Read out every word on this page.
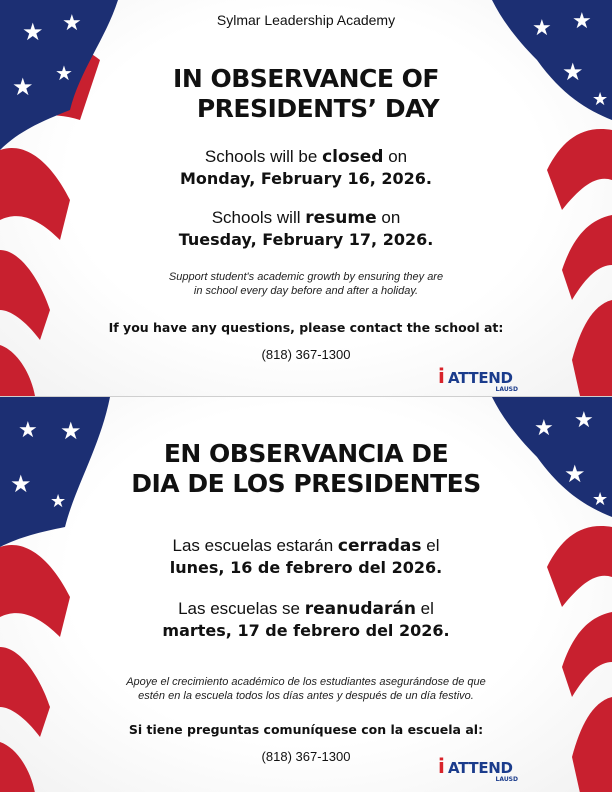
★ ★
★ ★
★ ★
★
★
Sylmar Leadership Academy
IN OBSERVANCE OF
PRESIDENTS’ DAY
Schools will be closed on
Monday, February 16, 2026.
Schools will resume on
Tuesday, February 17, 2026.
Support student's academic growth by ensuring they are
in school every day before and after a holiday.
If you have any questions, please contact the school at:
(818) 367-1300
i ATTEND
LAUSD
★ ★
★
★
★ ★
★
★
EN OBSERVANCIA DE
DIA DE LOS PRESIDENTES
Las escuelas estarán cerradas el
lunes, 16 de febrero del 2026.
Las escuelas se reanudarán el
martes, 17 de febrero del 2026.
Apoye el crecimiento académico de los estudiantes asegurándose de que
estén en la escuela todos los días antes y después de un día festivo.
Si tiene preguntas comuníquese con la escuela al:
(818) 367-1300	i ATTEND
LAUSD
